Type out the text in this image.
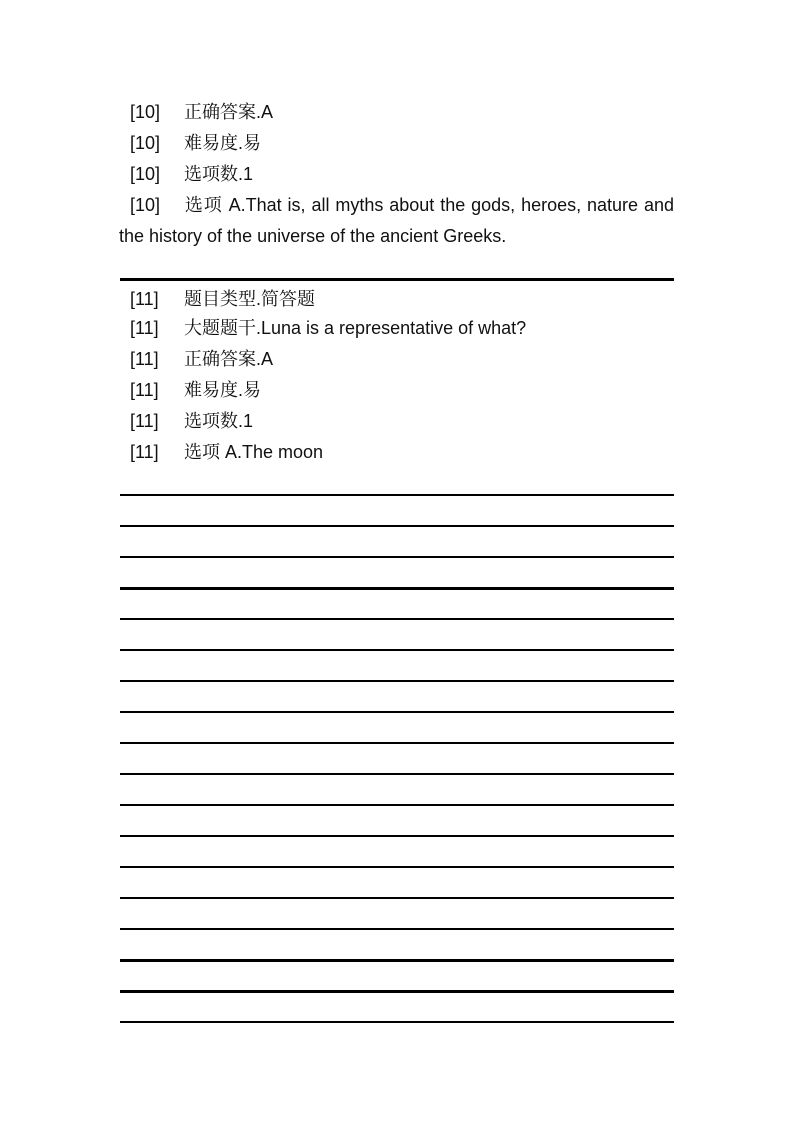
[10] 正确答案.A
[10] 难易度.易
[10] 选项数.1
[10] 选项 A.That is, all myths about the gods, heroes, nature and the history of the universe of the ancient Greeks.
[11] 题目类型.简答题
[11] 大题题干.Luna is a representative of what?
[11] 正确答案.A
[11] 难易度.易
[11] 选项数.1
[11] 选项 A.The moon
